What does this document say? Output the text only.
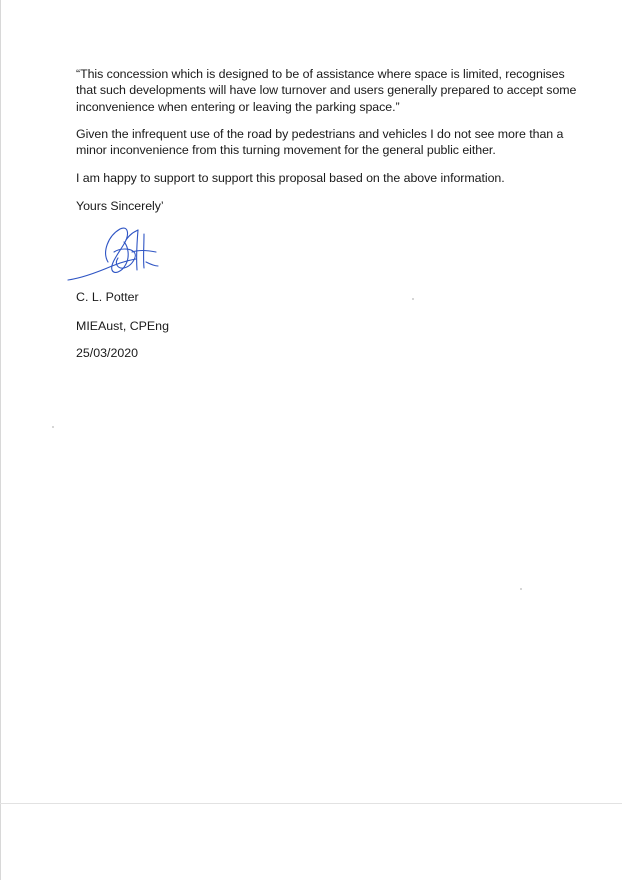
“This concession which is designed to be of assistance where space is limited, recognises
that such developments will have low turnover and users generally prepared to accept some
inconvenience when entering or leaving the parking space.”

Given the infrequent use of the road by pedestrians and vehicles I do not see more than a
minor inconvenience from this turning movement for the general public either.

I am happy to support to support this proposal based on the above information.

Yours Sincerely’

C. L. Potter
MIEAust, CPEng
25/03/2020
